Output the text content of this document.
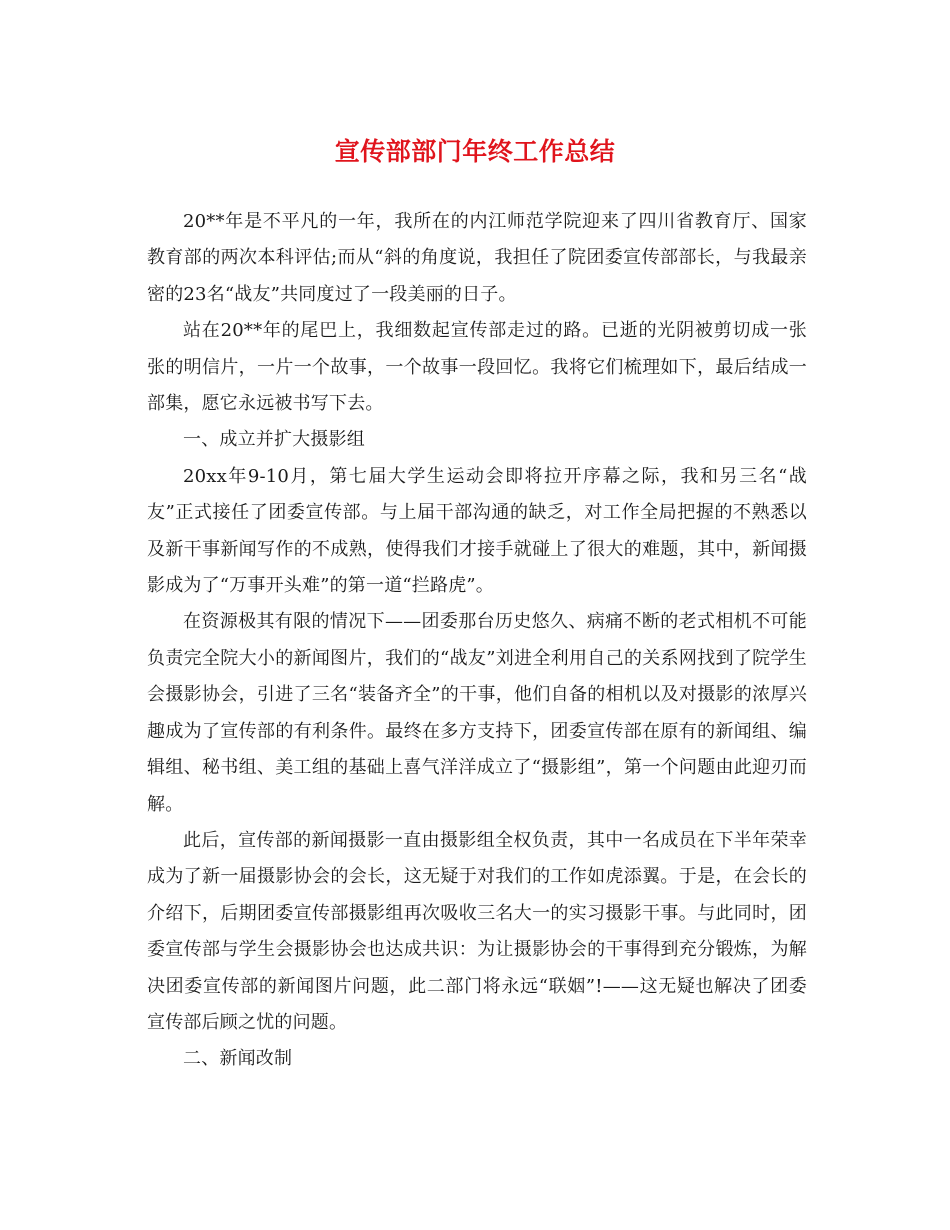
宣传部部门年终工作总结

20**年是不平凡的一年，我所在的内江师范学院迎来了四川省教育厅、国家教育部的两次本科评估;而从“斜的角度说，我担任了院团委宣传部部长，与我最亲密的23名“战友”共同度过了一段美丽的日子。

站在20**年的尾巴上，我细数起宣传部走过的路。已逝的光阴被剪切成一张张的明信片，一片一个故事，一个故事一段回忆。我将它们梳理如下，最后结成一部集，愿它永远被书写下去。

一、成立并扩大摄影组

20xx年9-10月，第七届大学生运动会即将拉开序幕之际，我和另三名“战友”正式接任了团委宣传部。与上届干部沟通的缺乏，对工作全局把握的不熟悉以及新干事新闻写作的不成熟，使得我们才接手就碰上了很大的难题，其中，新闻摄影成为了“万事开头难”的第一道“拦路虎”。

在资源极其有限的情况下——团委那台历史悠久、病痛不断的老式相机不可能负责完全院大小的新闻图片，我们的“战友”刘进全利用自己的关系网找到了院学生会摄影协会，引进了三名“装备齐全”的干事，他们自备的相机以及对摄影的浓厚兴趣成为了宣传部的有利条件。最终在多方支持下，团委宣传部在原有的新闻组、编辑组、秘书组、美工组的基础上喜气洋洋成立了“摄影组”，第一个问题由此迎刃而解。

此后，宣传部的新闻摄影一直由摄影组全权负责，其中一名成员在下半年荣幸成为了新一届摄影协会的会长，这无疑于对我们的工作如虎添翼。于是，在会长的介绍下，后期团委宣传部摄影组再次吸收三名大一的实习摄影干事。与此同时，团委宣传部与学生会摄影协会也达成共识：为让摄影协会的干事得到充分锻炼，为解决团委宣传部的新闻图片问题，此二部门将永远“联姻”!——这无疑也解决了团委宣传部后顾之忧的问题。

二、新闻改制
